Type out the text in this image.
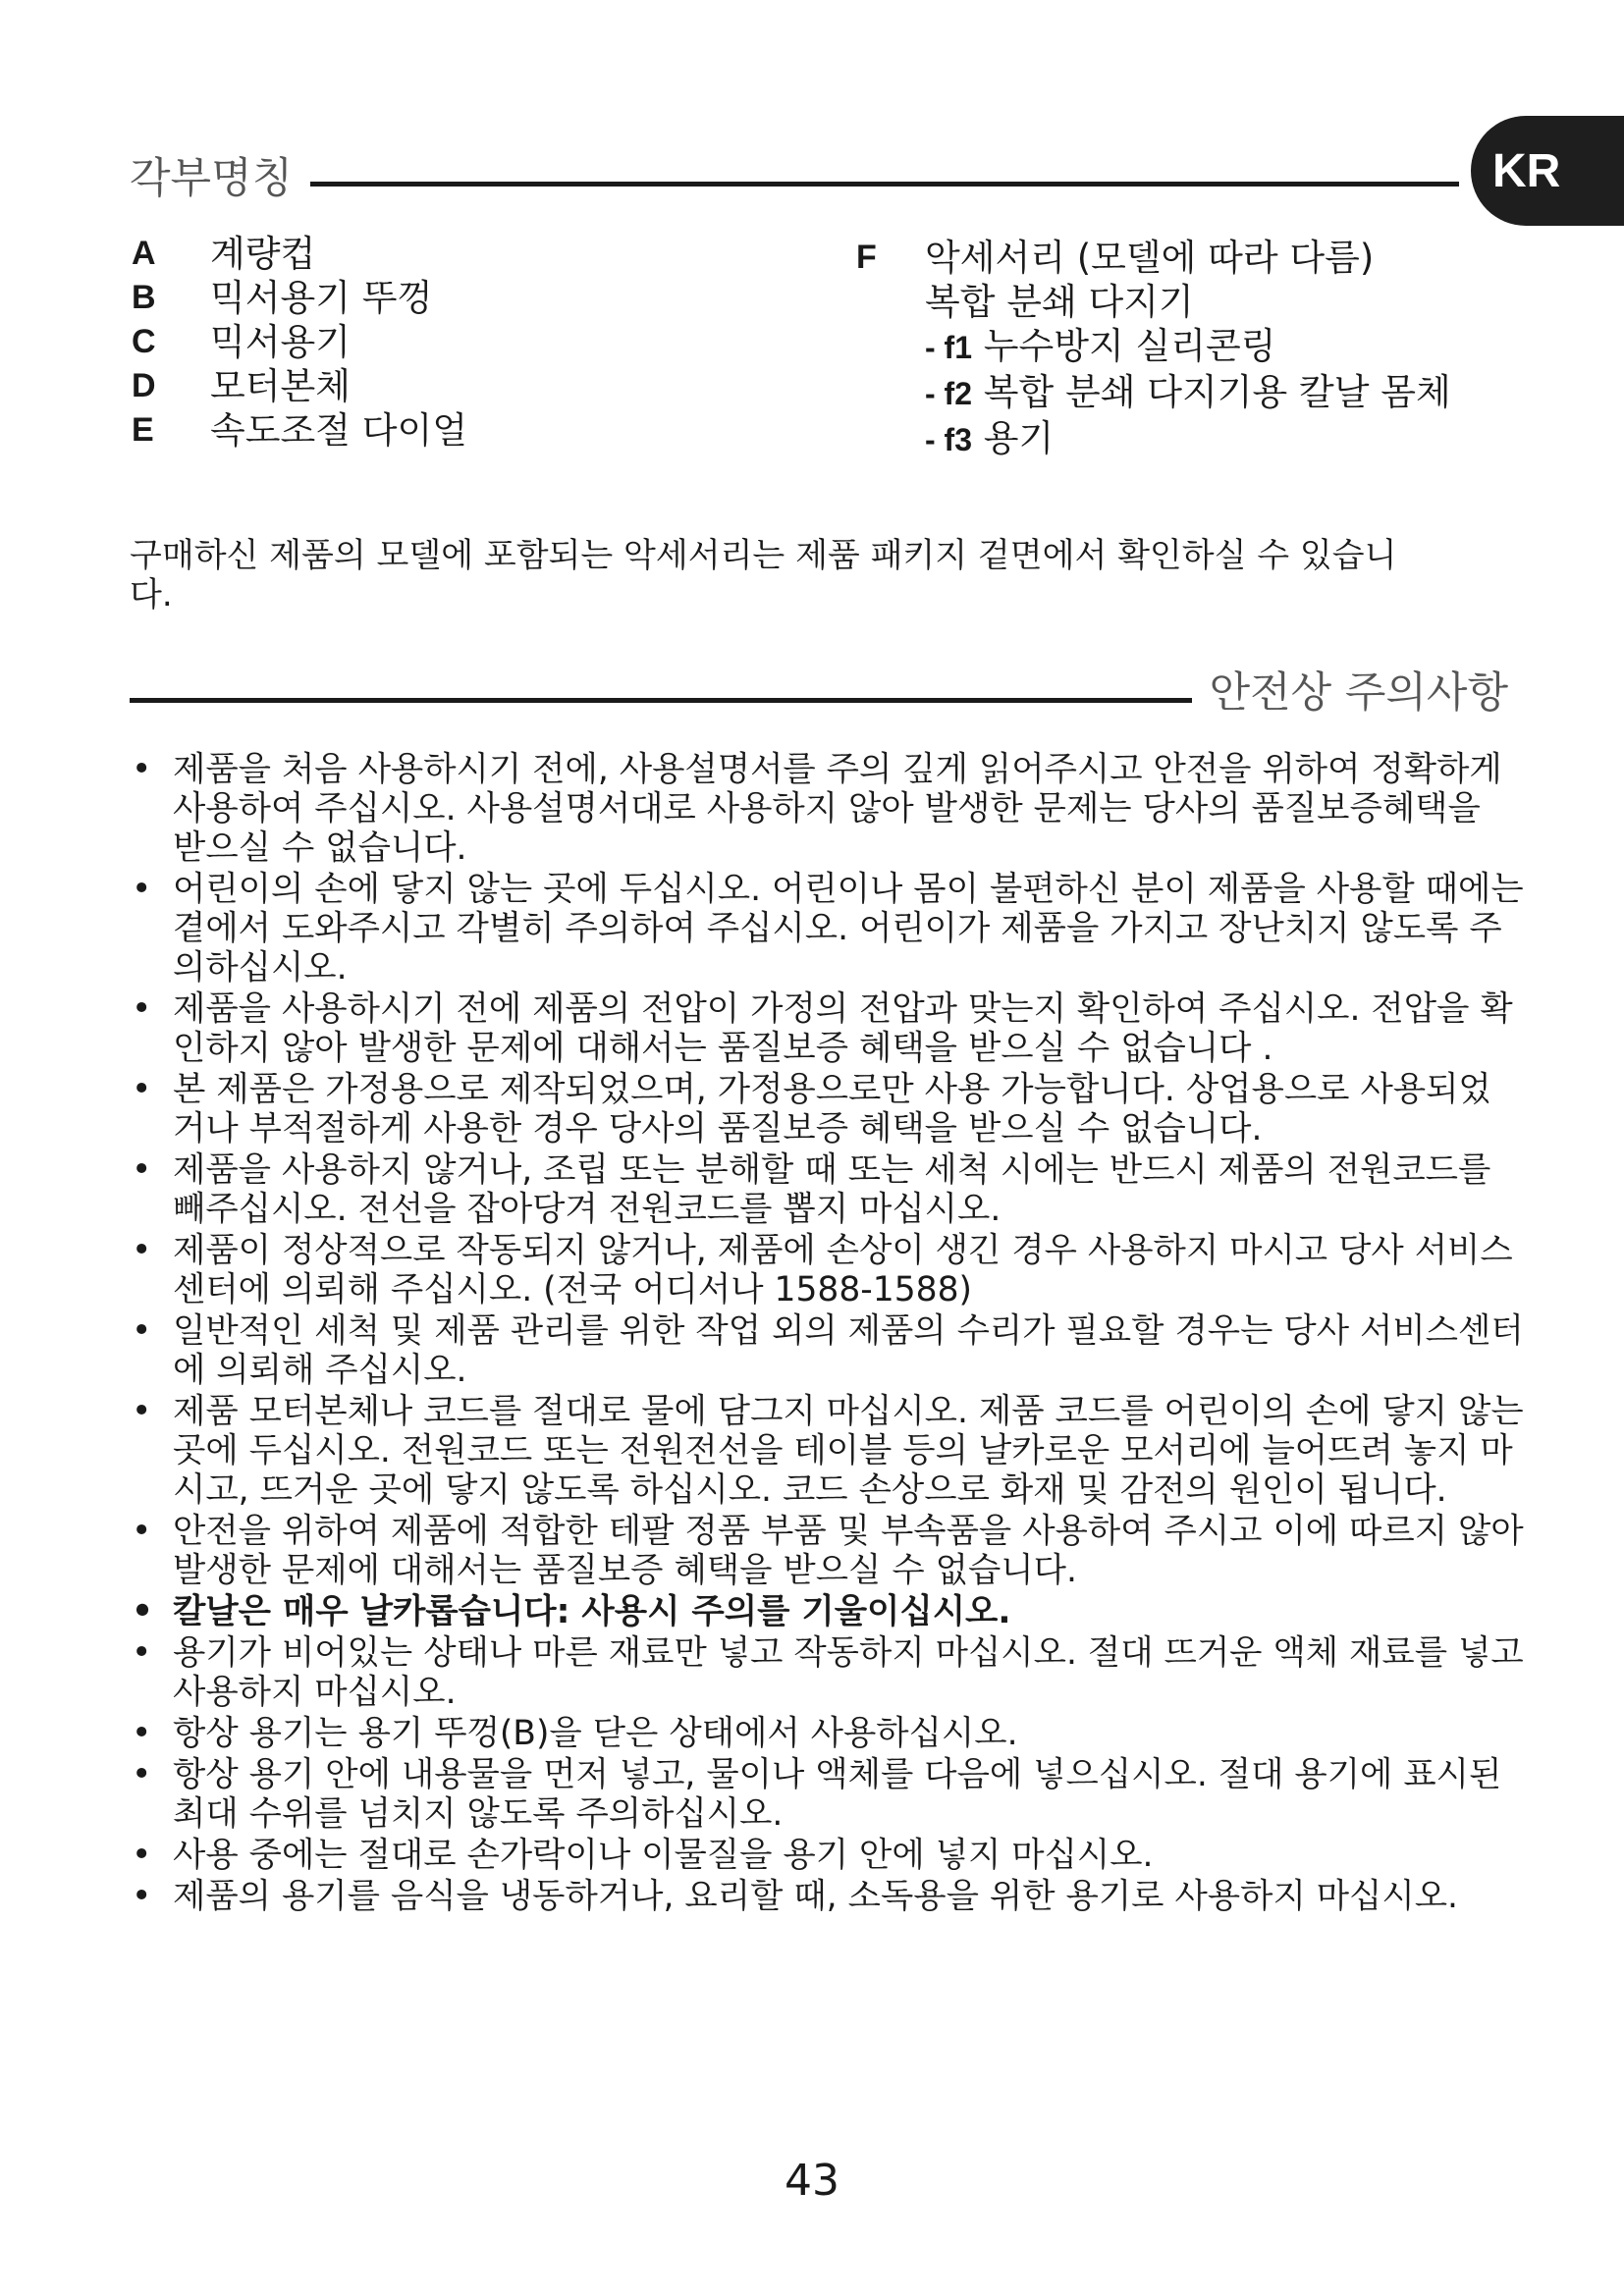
KR
각부명칭
A	계량컵
B	믹서용기 뚜껑
C	믹서용기
D	모터본체
E	속도조절 다이얼
F	악세서리 (모델에 따라 다름)
복합 분쇄 다지기
- f1 누수방지 실리콘링
- f2 복합 분쇄 다지기용 칼날 몸체
- f3 용기
구매하신 제품의 모델에 포함되는 악세서리는 제품 패키지 겉면에서 확인하실 수 있습니다.
안전상 주의사항
• 제품을 처음 사용하시기 전에, 사용설명서를 주의 깊게 읽어주시고 안전을 위하여 정확하게 사용하여 주십시오. 사용설명서대로 사용하지 않아 발생한 문제는 당사의 품질보증혜택을 받으실 수 없습니다.
• 어린이의 손에 닿지 않는 곳에 두십시오. 어린이나 몸이 불편하신 분이 제품을 사용할 때에는 곁에서 도와주시고 각별히 주의하여 주십시오. 어린이가 제품을 가지고 장난치지 않도록 주의하십시오.
• 제품을 사용하시기 전에 제품의 전압이 가정의 전압과 맞는지 확인하여 주십시오. 전압을 확인하지 않아 발생한 문제에 대해서는 품질보증 혜택을 받으실 수 없습니다 .
• 본 제품은 가정용으로 제작되었으며, 가정용으로만 사용 가능합니다. 상업용으로 사용되었거나 부적절하게 사용한 경우 당사의 품질보증 혜택을 받으실 수 없습니다.
• 제품을 사용하지 않거나, 조립 또는 분해할 때 또는 세척 시에는 반드시 제품의 전원코드를 빼주십시오. 전선을 잡아당겨 전원코드를 뽑지 마십시오.
• 제품이 정상적으로 작동되지 않거나, 제품에 손상이 생긴 경우 사용하지 마시고 당사 서비스센터에 의뢰해 주십시오. (전국 어디서나 1588-1588)
• 일반적인 세척 및 제품 관리를 위한 작업 외의 제품의 수리가 필요할 경우는 당사 서비스센터에 의뢰해 주십시오.
• 제품 모터본체나 코드를 절대로 물에 담그지 마십시오. 제품 코드를 어린이의 손에 닿지 않는 곳에 두십시오. 전원코드 또는 전원전선을 테이블 등의 날카로운 모서리에 늘어뜨려 놓지 마시고, 뜨거운 곳에 닿지 않도록 하십시오. 코드 손상으로 화재 및 감전의 원인이 됩니다.
• 안전을 위하여 제품에 적합한 테팔 정품 부품 및 부속품을 사용하여 주시고 이에 따르지 않아 발생한 문제에 대해서는 품질보증 혜택을 받으실 수 없습니다.
• 칼날은 매우 날카롭습니다: 사용시 주의를 기울이십시오.
• 용기가 비어있는 상태나 마른 재료만 넣고 작동하지 마십시오. 절대 뜨거운 액체 재료를 넣고 사용하지 마십시오.
• 항상 용기는 용기 뚜껑(B)을 닫은 상태에서 사용하십시오.
• 항상 용기 안에 내용물을 먼저 넣고, 물이나 액체를 다음에 넣으십시오. 절대 용기에 표시된 최대 수위를 넘치지 않도록 주의하십시오.
• 사용 중에는 절대로 손가락이나 이물질을 용기 안에 넣지 마십시오.
• 제품의 용기를 음식을 냉동하거나, 요리할 때, 소독용을 위한 용기로 사용하지 마십시오.
43
